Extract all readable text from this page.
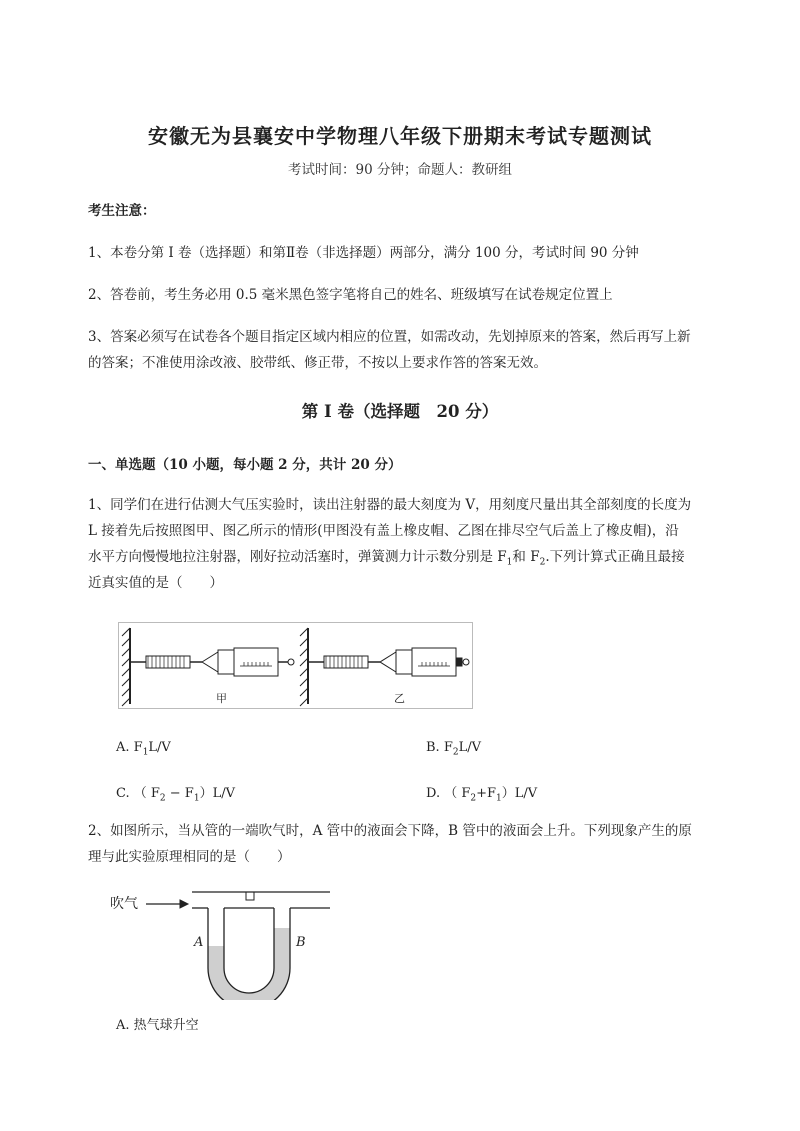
安徽无为县襄安中学物理八年级下册期末考试专题测试
考试时间：90 分钟；命题人：教研组
考生注意：
1、本卷分第 I 卷（选择题）和第Ⅱ卷（非选择题）两部分，满分 100 分，考试时间 90 分钟
2、答卷前，考生务必用 0.5 毫米黑色签字笔将自己的姓名、班级填写在试卷规定位置上
3、答案必须写在试卷各个题目指定区域内相应的位置，如需改动，先划掉原来的答案，然后再写上新
的答案；不准使用涂改液、胶带纸、修正带，不按以上要求作答的答案无效。
第 I 卷（选择题　20 分）
一、单选题（10 小题，每小题 2 分，共计 20 分）
1、同学们在进行估测大气压实验时，读出注射器的最大刻度为 V，用刻度尺量出其全部刻度的长度为
L 接着先后按照图甲、图乙所示的情形(甲图没有盖上橡皮帽、乙图在排尽空气后盖上了橡皮帽)，沿
水平方向慢慢地拉注射器，刚好拉动活塞时，弹簧测力计示数分别是 $F_1$和 $F_2$.下列计算式正确且最接
近真实值的是（　　）
甲	乙
A. $F_1L/V$	B. $F_2L/V$
C. （ $F_2 - F_1)L/V$	D. （ $F_2+F_1)L/V$
2、如图所示，当从管的一端吹气时，A 管中的液面会下降，B 管中的液面会上升。下列现象产生的原
理与此实验原理相同的是（　　）
吹气
A	B
A. 热气球升空
